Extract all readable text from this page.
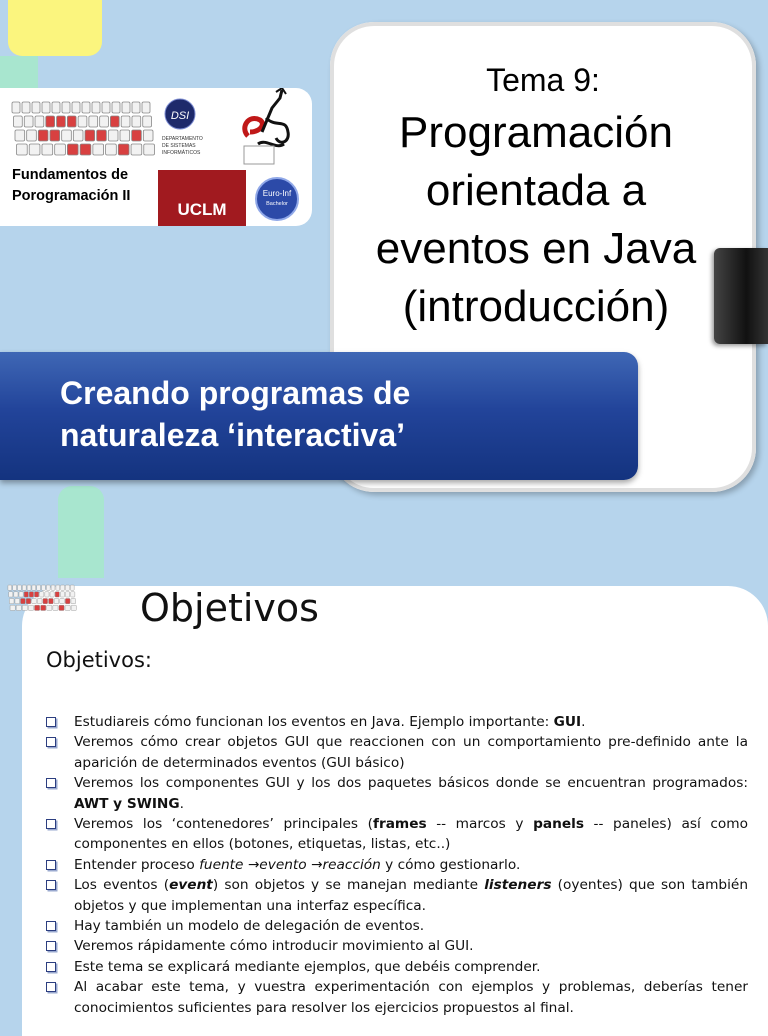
Fundamentos de
Porogramación II
DSI
DEPARTAMENTO
DE SISTEMAS
INFORMÁTICOS
UCLM
Euro-Inf
Bachelor
Tema 9:
Programación
orientada a
eventos en Java
(introducción)
Creando programas de
naturaleza ‘interactiva’
Objetivos
Objetivos:
Estudiareis cómo funcionan los eventos en Java. Ejemplo importante: GUI.
Veremos cómo crear objetos GUI que reaccionen con un comportamiento pre-definido ante la aparición de determinados eventos (GUI básico)
Veremos los componentes GUI y los dos paquetes básicos donde se encuentran programados: AWT y SWING.
Veremos los ‘contenedores’ principales (frames -- marcos y panels -- paneles) así como componentes en ellos (botones, etiquetas, listas, etc..)
Entender proceso fuente →evento →reacción y cómo gestionarlo.
Los eventos (event) son objetos y se manejan mediante listeners (oyentes) que son también objetos y que implementan una interfaz específica.
Hay también un modelo de delegación de eventos.
Veremos rápidamente cómo introducir movimiento al GUI.
Este tema se explicará mediante ejemplos, que debéis comprender.
Al acabar este tema, y vuestra experimentación con ejemplos y problemas, deberías tener conocimientos suficientes para resolver los ejercicios propuestos al final.
